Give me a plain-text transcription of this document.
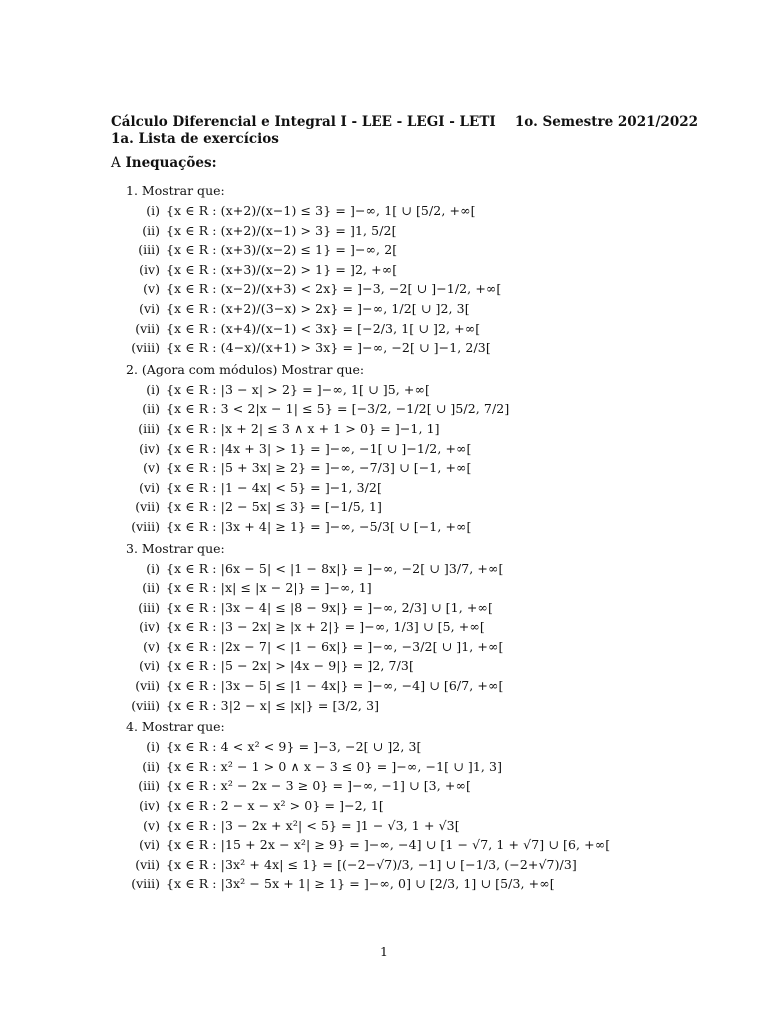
Cálculo Diferencial e Integral I - LEE - LEGI - LETI 1o. Semestre 2021/2022
1a. Lista de exercícios
A Inequações:
1. Mostrar que:
(i) {x ∈ R : (x+2)/(x−1) ≤ 3} = ]−∞, 1[ ∪ [5/2, +∞[
(ii) {x ∈ R : (x+2)/(x−1) > 3} = ]1, 5/2[
(iii) {x ∈ R : (x+3)/(x−2) ≤ 1} = ]−∞, 2[
(iv) {x ∈ R : (x+3)/(x−2) > 1} = ]2, +∞[
(v) {x ∈ R : (x−2)/(x+3) < 2x} = ]−3, −2[ ∪ ]−1/2, +∞[
(vi) {x ∈ R : (x+2)/(3−x) > 2x} = ]−∞, 1/2[ ∪ ]2, 3[
(vii) {x ∈ R : (x+4)/(x−1) < 3x} = [−2/3, 1[ ∪ ]2, +∞[
(viii) {x ∈ R : (4−x)/(x+1) > 3x} = ]−∞, −2[ ∪ ]−1, 2/3[
2. (Agora com módulos) Mostrar que:
(i) {x ∈ R : |3 − x| > 2} = ]−∞, 1[ ∪ ]5, +∞[
(ii) {x ∈ R : 3 < 2|x − 1| ≤ 5} = [−3/2, −1/2[ ∪ ]5/2, 7/2]
(iii) {x ∈ R : |x + 2| ≤ 3 ∧ x + 1 > 0} = ]−1, 1]
(iv) {x ∈ R : |4x + 3| > 1} = ]−∞, −1[ ∪ ]−1/2, +∞[
(v) {x ∈ R : |5 + 3x| ≥ 2} = ]−∞, −7/3] ∪ [−1, +∞[
(vi) {x ∈ R : |1 − 4x| < 5} = ]−1, 3/2[
(vii) {x ∈ R : |2 − 5x| ≤ 3} = [−1/5, 1]
(viii) {x ∈ R : |3x + 4| ≥ 1} = ]−∞, −5/3[ ∪ [−1, +∞[
3. Mostrar que:
(i) {x ∈ R : |6x − 5| < |1 − 8x|} = ]−∞, −2[ ∪ ]3/7, +∞[
(ii) {x ∈ R : |x| ≤ |x − 2|} = ]−∞, 1]
(iii) {x ∈ R : |3x − 4| ≤ |8 − 9x|} = ]−∞, 2/3] ∪ [1, +∞[
(iv) {x ∈ R : |3 − 2x| ≥ |x + 2|} = ]−∞, 1/3] ∪ [5, +∞[
(v) {x ∈ R : |2x − 7| < |1 − 6x|} = ]−∞, −3/2[ ∪ ]1, +∞[
(vi) {x ∈ R : |5 − 2x| > |4x − 9|} = ]2, 7/3[
(vii) {x ∈ R : |3x − 5| ≤ |1 − 4x|} = ]−∞, −4] ∪ [6/7, +∞[
(viii) {x ∈ R : 3|2 − x| ≤ |x|} = [3/2, 3]
4. Mostrar que:
(i) {x ∈ R : 4 < x² < 9} = ]−3, −2[ ∪ ]2, 3[
(ii) {x ∈ R : x² − 1 > 0 ∧ x − 3 ≤ 0} = ]−∞, −1[ ∪ ]1, 3]
(iii) {x ∈ R : x² − 2x − 3 ≥ 0} = ]−∞, −1] ∪ [3, +∞[
(iv) {x ∈ R : 2 − x − x² > 0} = ]−2, 1[
(v) {x ∈ R : |3 − 2x + x²| < 5} = ]1 − √3, 1 + √3[
(vi) {x ∈ R : |15 + 2x − x²| ≥ 9} = ]−∞, −4] ∪ [1 − √7, 1 + √7] ∪ [6, +∞[
(vii) {x ∈ R : |3x² + 4x| ≤ 1} = [(−2−√7)/3, −1] ∪ [−1/3, (−2+√7)/3]
(viii) {x ∈ R : |3x² − 5x + 1| ≥ 1} = ]−∞, 0] ∪ [2/3, 1] ∪ [5/3, +∞[
1
